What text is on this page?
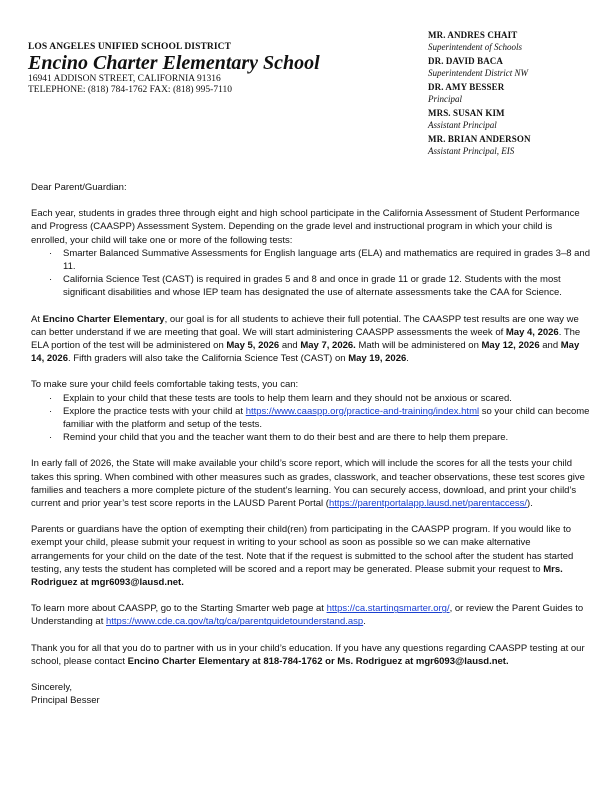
LOS ANGELES UNIFIED SCHOOL DISTRICT
Encino Charter Elementary School
16941 ADDISON STREET, CALIFORNIA 91316
TELEPHONE: (818) 784-1762 FAX: (818) 995-7110
MR. ANDRES CHAIT
Superintendent of Schools
DR. DAVID BACA
Superintendent District NW
DR. AMY BESSER
Principal
MRS. SUSAN KIM
Assistant Principal
MR. BRIAN ANDERSON
Assistant Principal, EIS

Dear Parent/Guardian:

Each year, students in grades three through eight and high school participate in the California Assessment of Student Performance and Progress (CAASPP) Assessment System. Depending on the grade level and instructional program in which your child is enrolled, your child will take one or more of the following tests:

·	Smarter Balanced Summative Assessments for English language arts (ELA) and mathematics are required in grades 3–8 and 11.
·	California Science Test (CAST) is required in grades 5 and 8 and once in grade 11 or grade 12. Students with the most significant disabilities and whose IEP team has designated the use of alternate assessments take the CAA for Science.

At Encino Charter Elementary, our goal is for all students to achieve their full potential. The CAASPP test results are one way we can better understand if we are meeting that goal. We will start administering CAASPP assessments the week of May 4, 2026. The ELA portion of the test will be administered on May 5, 2026 and May 7, 2026. Math will be administered on May 12, 2026 and May 14, 2026. Fifth graders will also take the California Science Test (CAST) on May 19, 2026.

To make sure your child feels comfortable taking tests, you can:

·	Explain to your child that these tests are tools to help them learn and they should not be anxious or scared.
·	Explore the practice tests with your child at https://www.caaspp.org/practice-and-training/index.html so your child can become familiar with the platform and setup of the tests.
·	Remind your child that you and the teacher want them to do their best and are there to help them prepare.

In early fall of 2026, the State will make available your child’s score report, which will include the scores for all the tests your child takes this spring. When combined with other measures such as grades, classwork, and teacher observations, these test scores give families and teachers a more complete picture of the student’s learning. You can securely access, download, and print your child’s current and prior year’s test score reports in the LAUSD Parent Portal (https://parentportalapp.lausd.net/parentaccess/).

Parents or guardians have the option of exempting their child(ren) from participating in the CAASPP program. If you would like to exempt your child, please submit your request in writing to your school as soon as possible so we can make alternative arrangements for your child on the date of the test. Note that if the request is submitted to the school after the student has started testing, any tests the student has completed will be scored and a report may be generated. Please submit your request to Mrs. Rodriguez at mgr6093@lausd.net.

To learn more about CAASPP, go to the Starting Smarter web page at https://ca.startingsmarter.org/, or review the Parent Guides to Understanding at https://www.cde.ca.gov/ta/tg/ca/parentguidetounderstand.asp.

Thank you for all that you do to partner with us in your child’s education. If you have any questions regarding CAASPP testing at our school, please contact Encino Charter Elementary at 818-784-1762 or Ms. Rodriguez at mgr6093@lausd.net.

Sincerely,

Principal Besser
